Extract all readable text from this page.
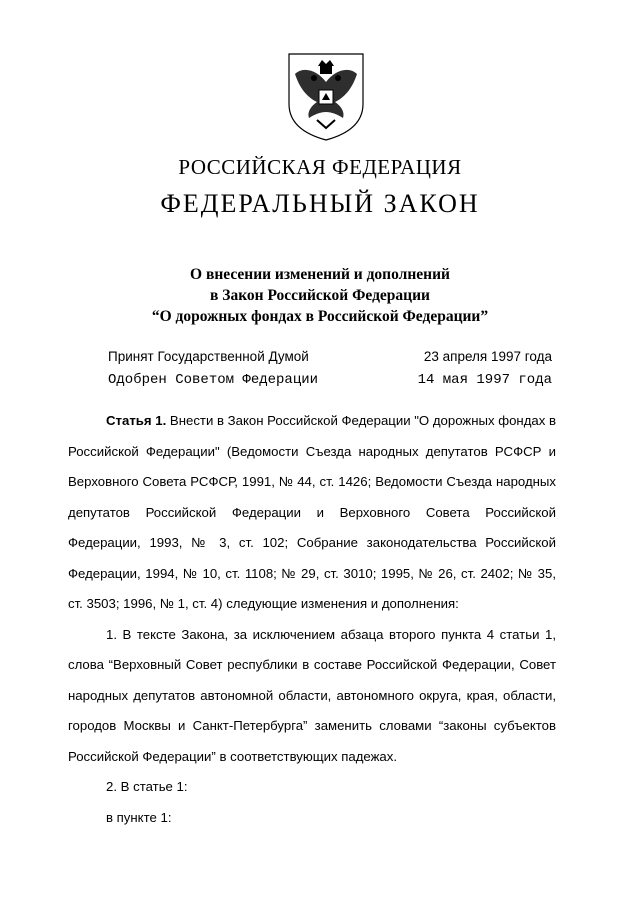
РОССИЙСКАЯ ФЕДЕРАЦИЯ
ФЕДЕРАЛЬНЫЙ ЗАКОН
О внесении изменений и дополнений
в Закон Российской Федерации
“О дорожных фондах в Российской Федерации”
Принят Государственной Думой	23 апреля 1997 года
Одобрен Советом Федерации	14 мая 1997 года

Статья 1. Внести в Закон Российской Федерации "О дорожных фондах в Российской Федерации" (Ведомости Съезда народных депутатов РСФСР и Верховного Совета РСФСР, 1991, № 44, ст. 1426; Ведомости Съезда народных депутатов Российской Федерации и Верховного Совета Российской Федерации, 1993, № 3, ст. 102; Собрание законодательства Российской Федерации, 1994, № 10, ст. 1108; № 29, ст. 3010; 1995, № 26, ст. 2402; № 35, ст. 3503; 1996, № 1, ст. 4) следующие изменения и дополнения:

1. В тексте Закона, за исключением абзаца второго пункта 4 статьи 1, слова “Верховный Совет республики в составе Российской Федерации, Совет народных депутатов автономной области, автономного округа, края, области, городов Москвы и Санкт-Петербурга” заменить словами “законы субъектов Российской Федерации” в соответствующих падежах.

2. В статье 1:

в пункте 1:
